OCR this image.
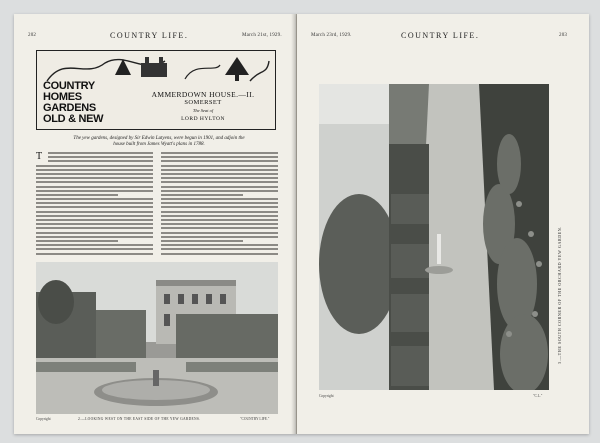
202	COUNTRY LIFE.	March 21st, 1929.
COUNTRY
HOMES
GARDENS
OLD & NEW
AMMERDOWN HOUSE.—II.
SOMERSET
The Seat of
LORD HYLTON
The yew gardens, designed by Sir Edwin Lutyens, were begun in 1901, and adjoin the house built from James Wyatt's plans in 1788.
T
2.—LOOKING WEST ON THE EAST SIDE OF THE YEW GARDENS.
Copyright	"COUNTRY LIFE."
March 23rd, 1929.	COUNTRY LIFE.	203
3.—THE SOUTH CORNER OF THE ORCHARD YEW GARDEN.
Copyright	"C.L."
